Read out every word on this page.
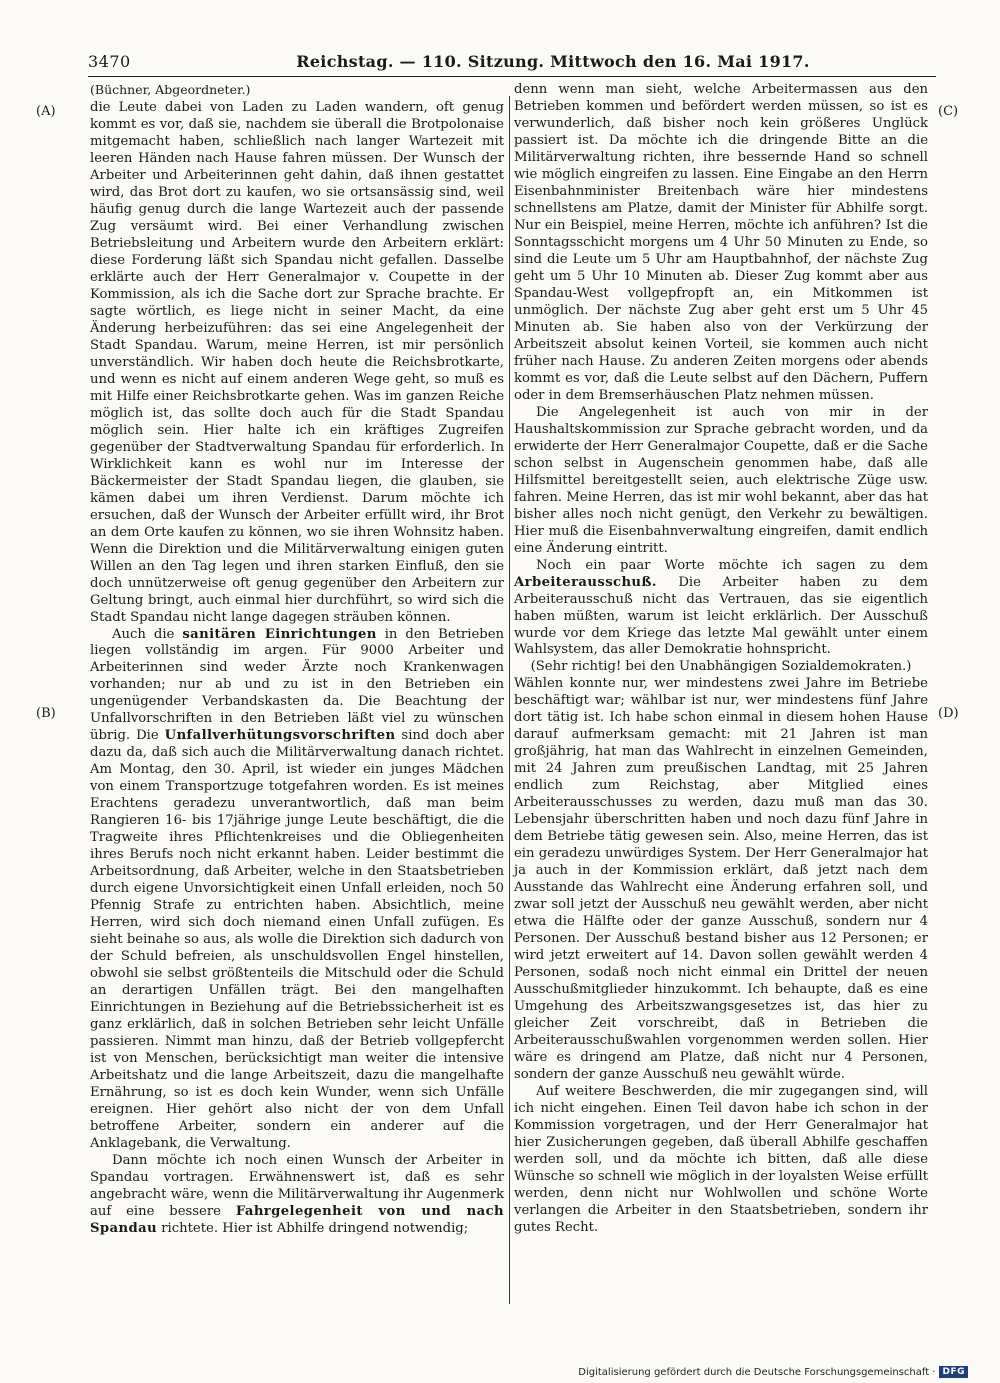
3470	Reichstag. — 110. Sitzung. Mittwoch den 16. Mai 1917.
(A)
(B)
(C)
(D)
(Büchner, Abgeordneter.)

die Leute dabei von Laden zu Laden wandern, oft genug kommt es vor, daß sie, nachdem sie überall die Brotpolonaise mitgemacht haben, schließlich nach langer Wartezeit mit leeren Händen nach Hause fahren müssen. Der Wunsch der Arbeiter und Arbeiterinnen geht dahin, daß ihnen gestattet wird, das Brot dort zu kaufen, wo sie ortsansässig sind, weil häufig genug durch die lange Wartezeit auch der passende Zug versäumt wird. Bei einer Verhandlung zwischen Betriebsleitung und Arbeitern wurde den Arbeitern erklärt: diese Forderung läßt sich Spandau nicht gefallen. Dasselbe erklärte auch der Herr Generalmajor v. Coupette in der Kommission, als ich die Sache dort zur Sprache brachte. Er sagte wörtlich, es liege nicht in seiner Macht, da eine Änderung herbeizuführen: das sei eine Angelegenheit der Stadt Spandau. Warum, meine Herren, ist mir persönlich unverständlich. Wir haben doch heute die Reichsbrotkarte, und wenn es nicht auf einem anderen Wege geht, so muß es mit Hilfe einer Reichsbrotkarte gehen. Was im ganzen Reiche möglich ist, das sollte doch auch für die Stadt Spandau möglich sein. Hier halte ich ein kräftiges Zugreifen gegenüber der Stadtverwaltung Spandau für erforderlich. In Wirklichkeit kann es wohl nur im Interesse der Bäckermeister der Stadt Spandau liegen, die glauben, sie kämen dabei um ihren Verdienst. Darum möchte ich ersuchen, daß der Wunsch der Arbeiter erfüllt wird, ihr Brot an dem Orte kaufen zu können, wo sie ihren Wohnsitz haben. Wenn die Direktion und die Militärverwaltung einigen guten Willen an den Tag legen und ihren starken Einfluß, den sie doch unnützerweise oft genug gegenüber den Arbeitern zur Geltung bringt, auch einmal hier durchführt, so wird sich die Stadt Spandau nicht lange dagegen sträuben können.

Auch die sanitären Einrichtungen in den Betrieben liegen vollständig im argen. Für 9000 Arbeiter und Arbeiterinnen sind weder Ärzte noch Krankenwagen vorhanden; nur ab und zu ist in den Betrieben ein ungenügender Verbandskasten da. Die Beachtung der Unfallvorschriften in den Betrieben läßt viel zu wünschen übrig. Die Unfallverhütungsvorschriften sind doch aber dazu da, daß sich auch die Militärverwaltung danach richtet. Am Montag, den 30. April, ist wieder ein junges Mädchen von einem Transportzuge totgefahren worden. Es ist meines Erachtens geradezu unverantwortlich, daß man beim Rangieren 16- bis 17jährige junge Leute beschäftigt, die die Tragweite ihres Pflichtenkreises und die Obliegenheiten ihres Berufs noch nicht erkannt haben. Leider bestimmt die Arbeitsordnung, daß Arbeiter, welche in den Staatsbetrieben durch eigene Unvorsichtigkeit einen Unfall erleiden, noch 50 Pfennig Strafe zu entrichten haben. Absichtlich, meine Herren, wird sich doch niemand einen Unfall zufügen. Es sieht beinahe so aus, als wolle die Direktion sich dadurch von der Schuld befreien, als unschuldsvollen Engel hinstellen, obwohl sie selbst größtenteils die Mitschuld oder die Schuld an derartigen Unfällen trägt. Bei den mangelhaften Einrichtungen in Beziehung auf die Betriebssicherheit ist es ganz erklärlich, daß in solchen Betrieben sehr leicht Unfälle passieren. Nimmt man hinzu, daß der Betrieb vollgepfercht ist von Menschen, berücksichtigt man weiter die intensive Arbeitshatz und die lange Arbeitszeit, dazu die mangelhafte Ernährung, so ist es doch kein Wunder, wenn sich Unfälle ereignen. Hier gehört also nicht der von dem Unfall betroffene Arbeiter, sondern ein anderer auf die Anklagebank, die Verwaltung.

Dann möchte ich noch einen Wunsch der Arbeiter in Spandau vortragen. Erwähnenswert ist, daß es sehr angebracht wäre, wenn die Militärverwaltung ihr Augenmerk auf eine bessere Fahrgelegenheit von und nach Spandau richtete. Hier ist Abhilfe dringend notwendig;

denn wenn man sieht, welche Arbeitermassen aus den Betrieben kommen und befördert werden müssen, so ist es verwunderlich, daß bisher noch kein größeres Unglück passiert ist. Da möchte ich die dringende Bitte an die Militärverwaltung richten, ihre bessernde Hand so schnell wie möglich eingreifen zu lassen. Eine Eingabe an den Herrn Eisenbahnminister Breitenbach wäre hier mindestens schnellstens am Platze, damit der Minister für Abhilfe sorgt. Nur ein Beispiel, meine Herren, möchte ich anführen? Ist die Sonntagsschicht morgens um 4 Uhr 50 Minuten zu Ende, so sind die Leute um 5 Uhr am Hauptbahnhof, der nächste Zug geht um 5 Uhr 10 Minuten ab. Dieser Zug kommt aber aus Spandau-West vollgepfropft an, ein Mitkommen ist unmöglich. Der nächste Zug aber geht erst um 5 Uhr 45 Minuten ab. Sie haben also von der Verkürzung der Arbeitszeit absolut keinen Vorteil, sie kommen auch nicht früher nach Hause. Zu anderen Zeiten morgens oder abends kommt es vor, daß die Leute selbst auf den Dächern, Puffern oder in dem Bremserhäuschen Platz nehmen müssen.

Die Angelegenheit ist auch von mir in der Haushaltskommission zur Sprache gebracht worden, und da erwiderte der Herr Generalmajor Coupette, daß er die Sache schon selbst in Augenschein genommen habe, daß alle Hilfsmittel bereitgestellt seien, auch elektrische Züge usw. fahren. Meine Herren, das ist mir wohl bekannt, aber das hat bisher alles noch nicht genügt, den Verkehr zu bewältigen. Hier muß die Eisenbahnverwaltung eingreifen, damit endlich eine Änderung eintritt.

Noch ein paar Worte möchte ich sagen zu dem Arbeiterausschuß. Die Arbeiter haben zu dem Arbeiterausschuß nicht das Vertrauen, das sie eigentlich haben müßten, warum ist leicht erklärlich. Der Ausschuß wurde vor dem Kriege das letzte Mal gewählt unter einem Wahlsystem, das aller Demokratie hohnspricht.

(Sehr richtig! bei den Unabhängigen Sozialdemokraten.)

Wählen konnte nur, wer mindestens zwei Jahre im Betriebe beschäftigt war; wählbar ist nur, wer mindestens fünf Jahre dort tätig ist. Ich habe schon einmal in diesem hohen Hause darauf aufmerksam gemacht: mit 21 Jahren ist man großjährig, hat man das Wahlrecht in einzelnen Gemeinden, mit 24 Jahren zum preußischen Landtag, mit 25 Jahren endlich zum Reichstag, aber Mitglied eines Arbeiterausschusses zu werden, dazu muß man das 30. Lebensjahr überschritten haben und noch dazu fünf Jahre in dem Betriebe tätig gewesen sein. Also, meine Herren, das ist ein geradezu unwürdiges System. Der Herr Generalmajor hat ja auch in der Kommission erklärt, daß jetzt nach dem Ausstande das Wahlrecht eine Änderung erfahren soll, und zwar soll jetzt der Ausschuß neu gewählt werden, aber nicht etwa die Hälfte oder der ganze Ausschuß, sondern nur 4 Personen. Der Ausschuß bestand bisher aus 12 Personen; er wird jetzt erweitert auf 14. Davon sollen gewählt werden 4 Personen, sodaß noch nicht einmal ein Drittel der neuen Ausschußmitglieder hinzukommt. Ich behaupte, daß es eine Umgehung des Arbeitszwangsgesetzes ist, das hier zu gleicher Zeit vorschreibt, daß in Betrieben die Arbeiterausschußwahlen vorgenommen werden sollen. Hier wäre es dringend am Platze, daß nicht nur 4 Personen, sondern der ganze Ausschuß neu gewählt würde.

Auf weitere Beschwerden, die mir zugegangen sind, will ich nicht eingehen. Einen Teil davon habe ich schon in der Kommission vorgetragen, und der Herr Generalmajor hat hier Zusicherungen gegeben, daß überall Abhilfe geschaffen werden soll, und da möchte ich bitten, daß alle diese Wünsche so schnell wie möglich in der loyalsten Weise erfüllt werden, denn nicht nur Wohlwollen und schöne Worte verlangen die Arbeiter in den Staatsbetrieben, sondern ihr gutes Recht.

Digitalisierung gefördert durch die Deutsche Forschungsgemeinschaft · DFG
